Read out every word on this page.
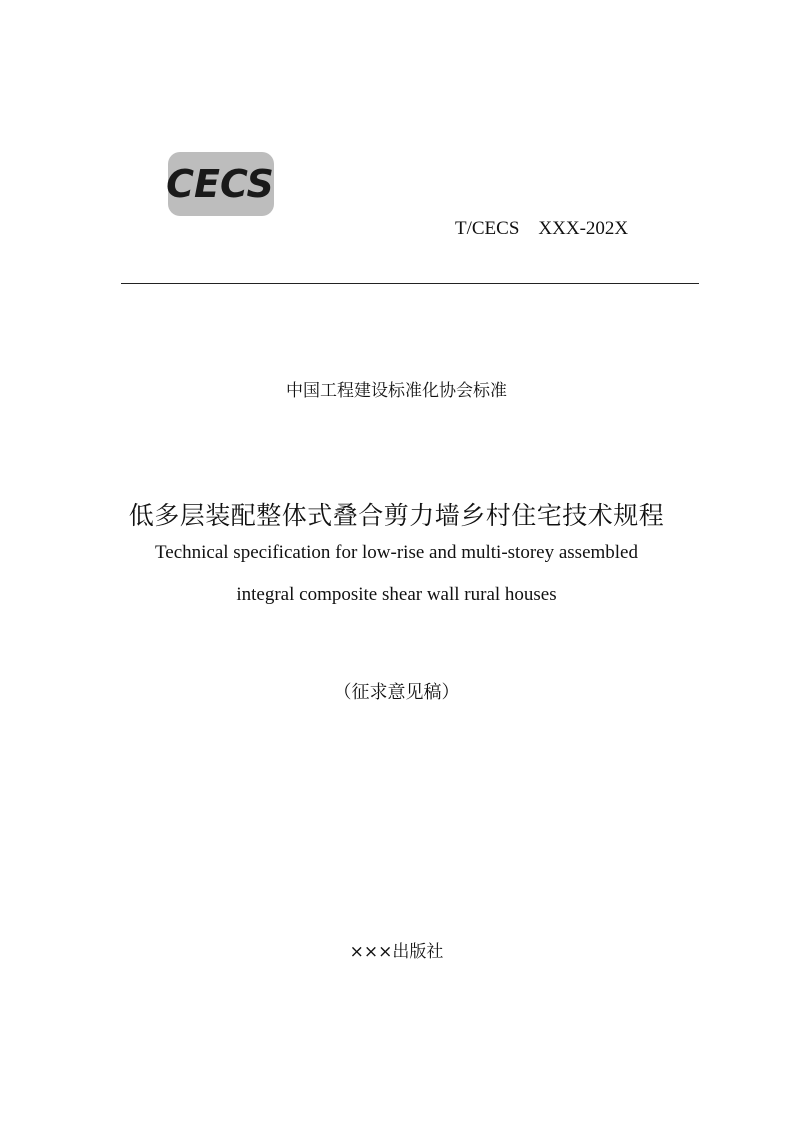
CECS
T/CECS    XXX-202X
中国工程建设标准化协会标准
低多层装配整体式叠合剪力墙乡村住宅技术规程
Technical specification for low-rise and multi-storey assembled
integral composite shear wall rural houses
（征求意见稿）
×××出版社
